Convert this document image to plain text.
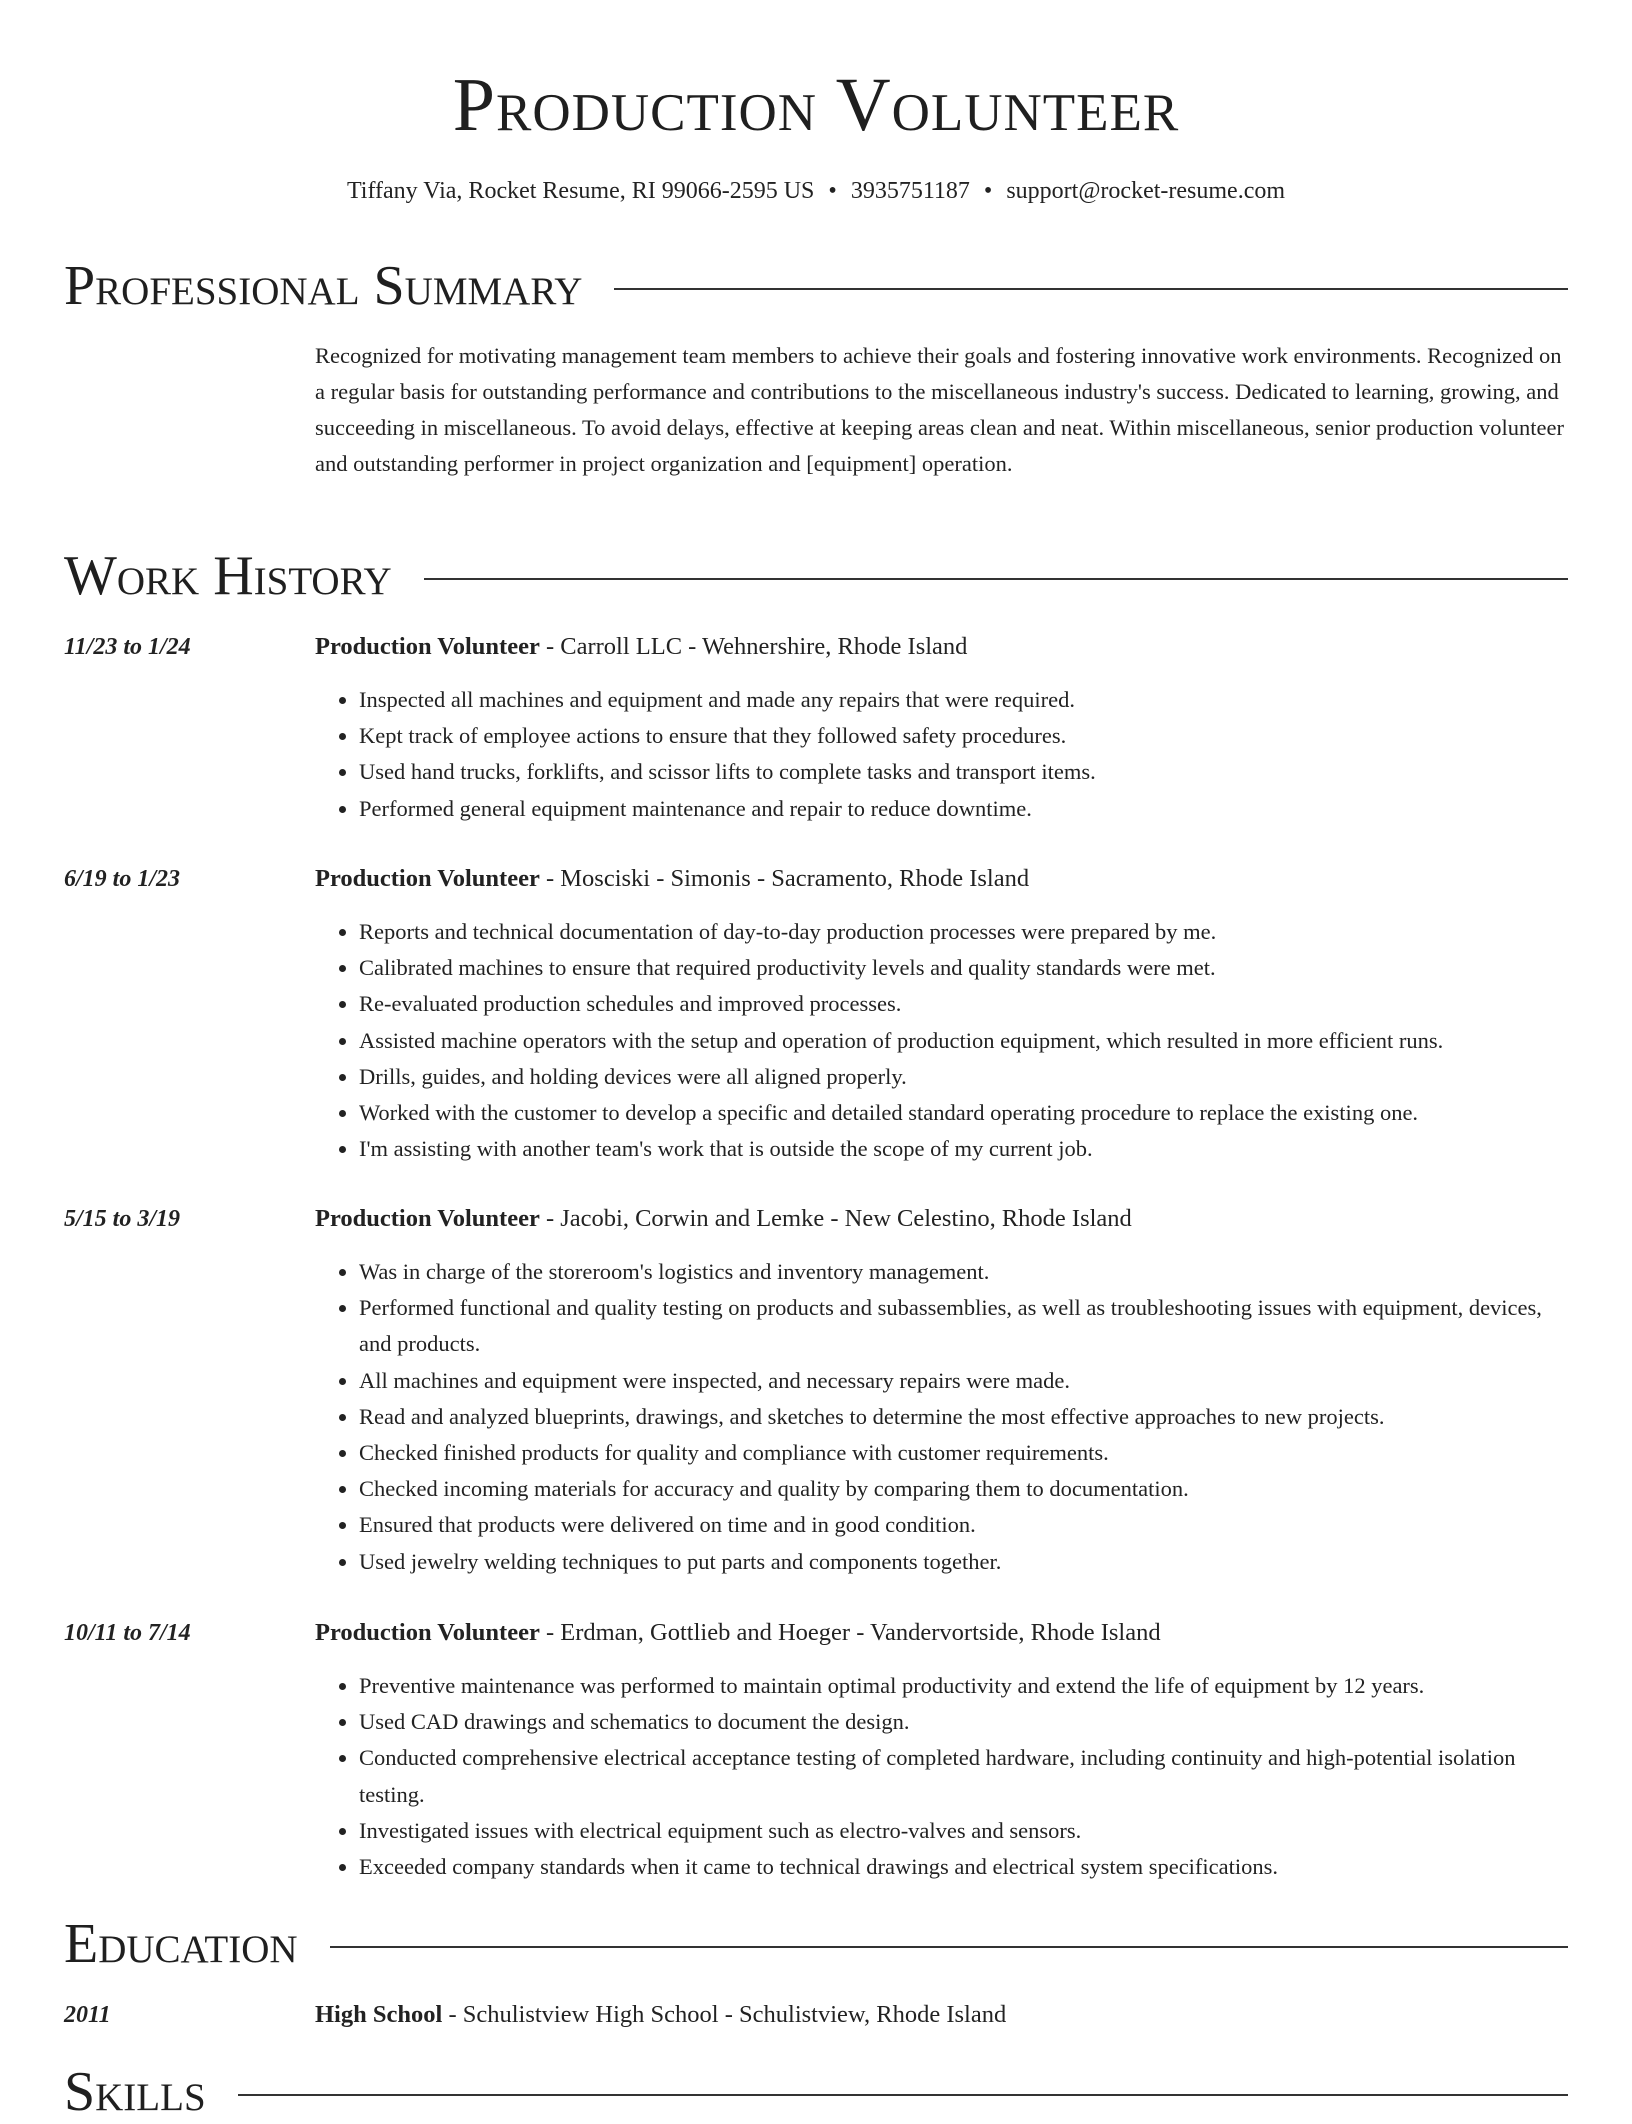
Production Volunteer
Tiffany Via, Rocket Resume, RI 99066-2595 US • 3935751187 • support@rocket-resume.com
Professional Summary
Recognized for motivating management team members to achieve their goals and fostering innovative work environments. Recognized on a regular basis for outstanding performance and contributions to the miscellaneous industry's success. Dedicated to learning, growing, and succeeding in miscellaneous. To avoid delays, effective at keeping areas clean and neat. Within miscellaneous, senior production volunteer and outstanding performer in project organization and [equipment] operation.
Work History
11/23 to 1/24	Production Volunteer - Carroll LLC - Wehnershire, Rhode Island
• Inspected all machines and equipment and made any repairs that were required.
• Kept track of employee actions to ensure that they followed safety procedures.
• Used hand trucks, forklifts, and scissor lifts to complete tasks and transport items.
• Performed general equipment maintenance and repair to reduce downtime.
6/19 to 1/23	Production Volunteer - Mosciski - Simonis - Sacramento, Rhode Island
• Reports and technical documentation of day-to-day production processes were prepared by me.
• Calibrated machines to ensure that required productivity levels and quality standards were met.
• Re-evaluated production schedules and improved processes.
• Assisted machine operators with the setup and operation of production equipment, which resulted in more efficient runs.
• Drills, guides, and holding devices were all aligned properly.
• Worked with the customer to develop a specific and detailed standard operating procedure to replace the existing one.
• I'm assisting with another team's work that is outside the scope of my current job.
5/15 to 3/19	Production Volunteer - Jacobi, Corwin and Lemke - New Celestino, Rhode Island
• Was in charge of the storeroom's logistics and inventory management.
• Performed functional and quality testing on products and subassemblies, as well as troubleshooting issues with equipment, devices, and products.
• All machines and equipment were inspected, and necessary repairs were made.
• Read and analyzed blueprints, drawings, and sketches to determine the most effective approaches to new projects.
• Checked finished products for quality and compliance with customer requirements.
• Checked incoming materials for accuracy and quality by comparing them to documentation.
• Ensured that products were delivered on time and in good condition.
• Used jewelry welding techniques to put parts and components together.
10/11 to 7/14	Production Volunteer - Erdman, Gottlieb and Hoeger - Vandervortside, Rhode Island
• Preventive maintenance was performed to maintain optimal productivity and extend the life of equipment by 12 years.
• Used CAD drawings and schematics to document the design.
• Conducted comprehensive electrical acceptance testing of completed hardware, including continuity and high-potential isolation testing.
• Investigated issues with electrical equipment such as electro-valves and sensors.
• Exceeded company standards when it came to technical drawings and electrical system specifications.
Education
2011	High School - Schulistview High School - Schulistview, Rhode Island
Skills
